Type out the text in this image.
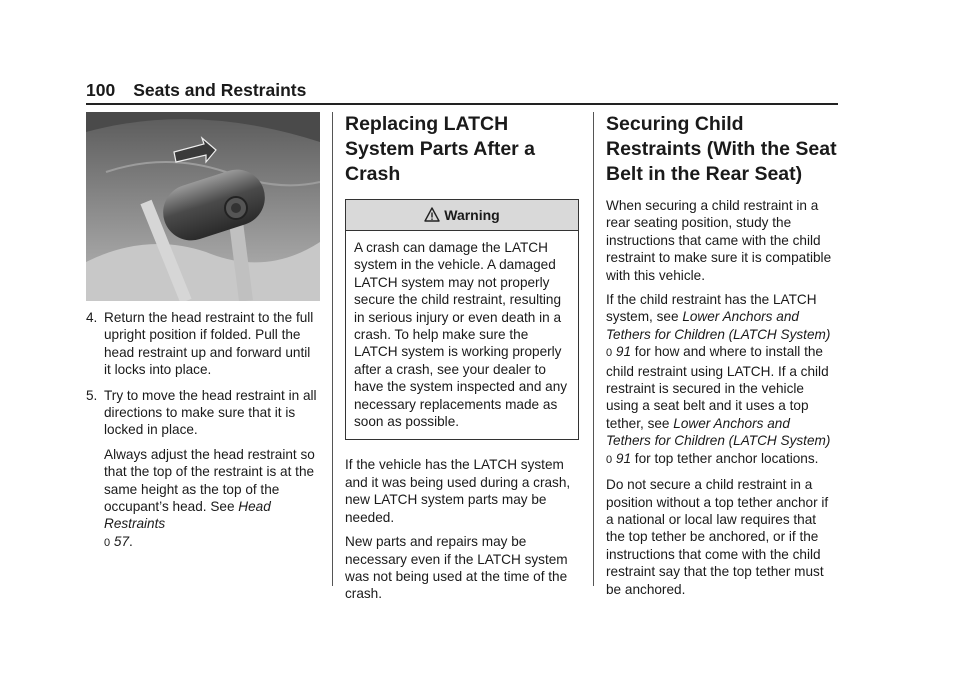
100 Seats and Restraints
4. Return the head restraint to the full upright position if folded. Pull the head restraint up and forward until it locks into place.
5. Try to move the head restraint in all directions to make sure that it is locked in place.
Always adjust the head restraint so that the top of the restraint is at the same height as the top of the occupant’s head. See Head Restraints
0 57.
Replacing LATCH System Parts After a Crash
Warning
A crash can damage the LATCH system in the vehicle. A damaged LATCH system may not properly secure the child restraint, resulting in serious injury or even death in a crash. To help make sure the LATCH system is working properly after a crash, see your dealer to have the system inspected and any necessary replacements made as soon as possible.

If the vehicle has the LATCH system and it was being used during a crash, new LATCH system parts may be needed.

New parts and repairs may be necessary even if the LATCH system was not being used at the time of the crash.

Securing Child Restraints (With the Seat Belt in the Rear Seat)

When securing a child restraint in a rear seating position, study the instructions that came with the child restraint to make sure it is compatible with this vehicle.

If the child restraint has the LATCH system, see Lower Anchors and Tethers for Children (LATCH System) 0 91 for how and where to install the child restraint using LATCH. If a child restraint is secured in the vehicle using a seat belt and it uses a top tether, see Lower Anchors and Tethers for Children (LATCH System) 0 91 for top tether anchor locations.

Do not secure a child restraint in a position without a top tether anchor if a national or local law requires that the top tether be anchored, or if the instructions that come with the child restraint say that the top tether must be anchored.
